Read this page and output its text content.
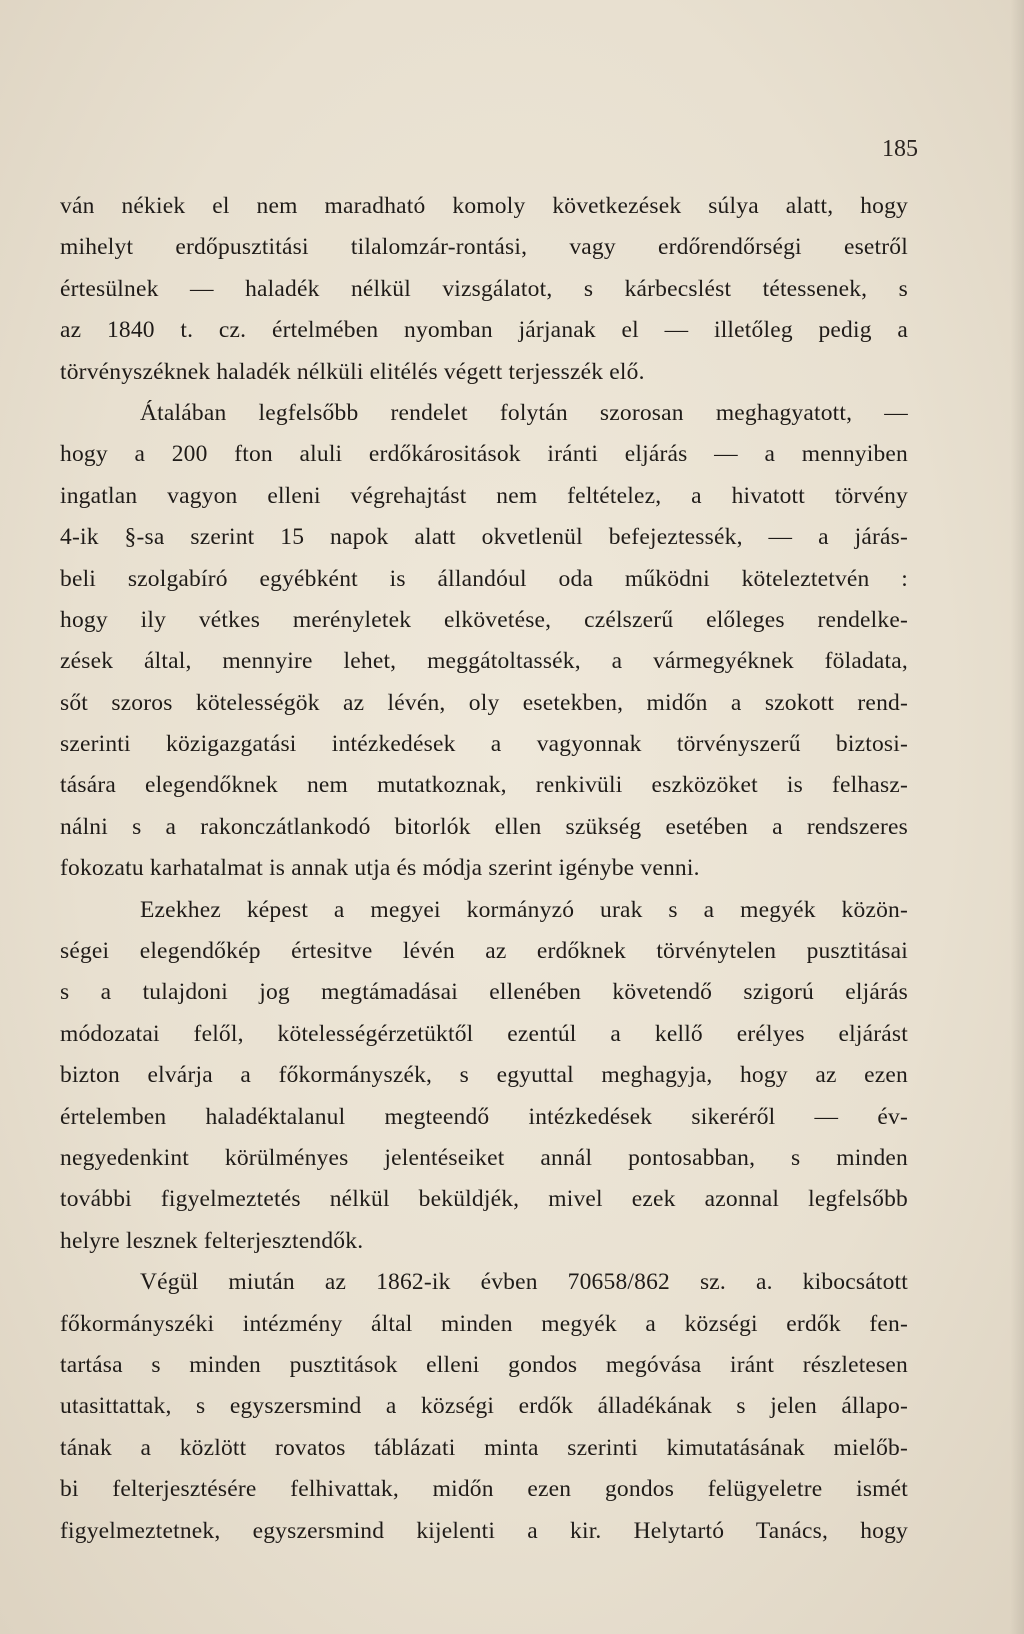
185
ván nékiek el nem maradható komoly következések súlya alatt, hogy
mihelyt erdőpusztitási tilalomzár-rontási, vagy erdőrendőrségi esetről
értesülnek — haladék nélkül vizsgálatot, s kárbecslést tétessenek, s
az 1840 t. cz. értelmében nyomban járjanak el — illetőleg pedig a
törvényszéknek haladék nélküli elitélés végett terjesszék elő.
Átalában legfelsőbb rendelet folytán szorosan meghagyatott, —
hogy a 200 fton aluli erdőkárositások iránti eljárás — a mennyiben
ingatlan vagyon elleni végrehajtást nem feltételez, a hivatott törvény
4-ik §-sa szerint 15 napok alatt okvetlenül befejeztessék, — a járás-
beli szolgabíró egyébként is állandóul oda működni köteleztetvén :
hogy ily vétkes merényletek elkövetése, czélszerű előleges rendelke-
zések által, mennyire lehet, meggátoltassék, a vármegyéknek föladata,
sőt szoros kötelességök az lévén, oly esetekben, midőn a szokott rend-
szerinti közigazgatási intézkedések a vagyonnak törvényszerű biztosi-
tására elegendőknek nem mutatkoznak, renkivüli eszközöket is felhasz-
nálni s a rakonczátlankodó bitorlók ellen szükség esetében a rendszeres
fokozatu karhatalmat is annak utja és módja szerint igénybe venni.
Ezekhez képest a megyei kormányzó urak s a megyék közön-
ségei elegendőkép értesitve lévén az erdőknek törvénytelen pusztitásai
s a tulajdoni jog megtámadásai ellenében követendő szigorú eljárás
módozatai felől, kötelességérzetüktől ezentúl a kellő erélyes eljárást
bizton elvárja a főkormányszék, s egyuttal meghagyja, hogy az ezen
értelemben haladéktalanul megteendő intézkedések sikeréről — év-
negyedenkint körülményes jelentéseiket annál pontosabban, s minden
további figyelmeztetés nélkül beküldjék, mivel ezek azonnal legfelsőbb
helyre leszn‍ek felterjesztendők.
Végül miután az 1862-ik évben 70658/862 sz. a. kibocsátott
főkormányszéki intézmény által minden megyék a községi erdők fen-
tartása s minden pusztitások elleni gondos megóvása iránt részletesen
utasittattak, s egyszersmind a községi erdők álladékának s jelen állapo-
tának a közlött rovatos táblázati minta szerinti kimutatásának mielőb-
bi felterjesztésére felhivattak, midőn ezen gondos felügyeletre ismét
figyelmeztetnek, egyszersmind kijelenti a kir. Helytartó Tanács, hogy
